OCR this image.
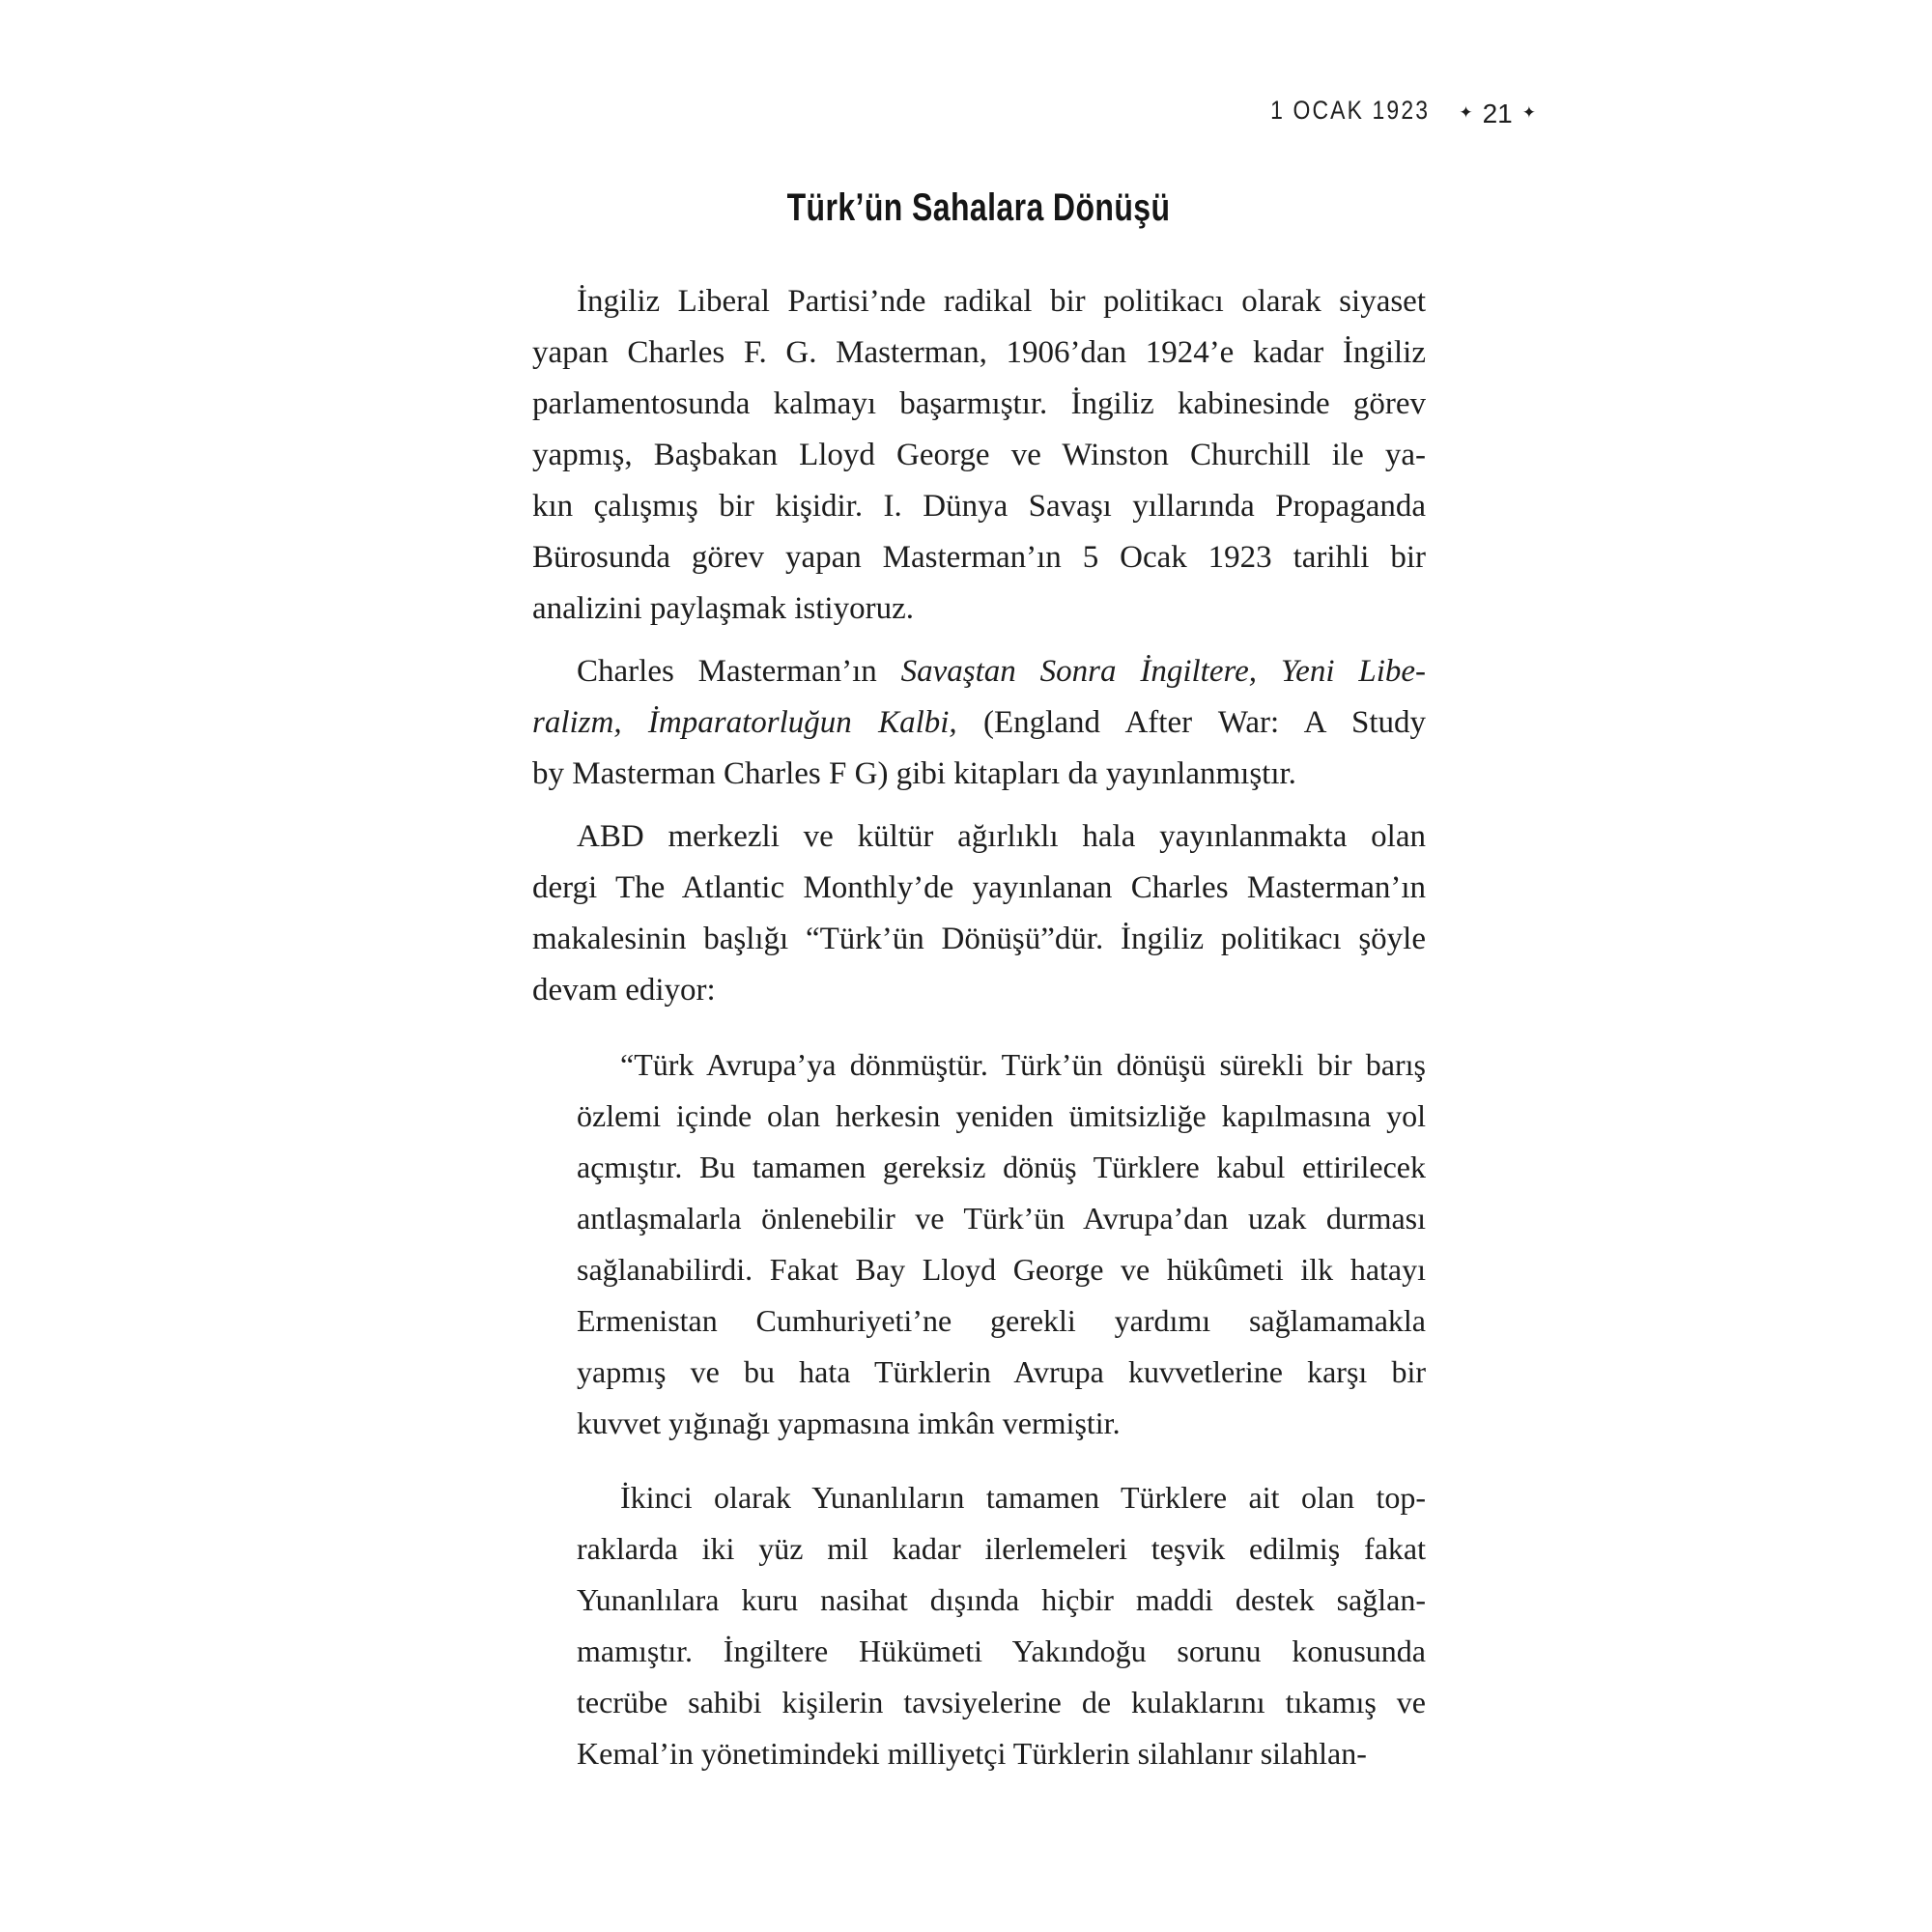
1 OCAK 1923 ✦ 21 ✦
Türk’ün Sahalara Dönüşü
İngiliz Liberal Partisi’nde radikal bir politikacı olarak siyaset
yapan Charles F. G. Masterman, 1906’dan 1924’e kadar İngiliz
parlamentosunda kalmayı başarmıştır. İngiliz kabinesinde görev
yapmış, Başbakan Lloyd George ve Winston Churchill ile ya-
kın çalışmış bir kişidir. I. Dünya Savaşı yıllarında Propaganda
Bürosunda görev yapan Masterman’ın 5 Ocak 1923 tarihli bir
analizini paylaşmak istiyoruz.
Charles Masterman’ın Savaştan Sonra İngiltere, Yeni Libe-
ralizm, İmparatorluğun Kalbi, (England After War: A Study
by Masterman Charles F G) gibi kitapları da yayınlanmıştır.
ABD merkezli ve kültür ağırlıklı hala yayınlanmakta olan
dergi The Atlantic Monthly’de yayınlanan Charles Masterman’ın
makalesinin başlığı “Türk’ün Dönüşü”dür. İngiliz politikacı şöyle
devam ediyor:
“Türk Avrupa’ya dönmüştür. Türk’ün dönüşü sürekli bir barış
özlemi içinde olan herkesin yeniden ümitsizliğe kapılmasına yol
açmıştır. Bu tamamen gereksiz dönüş Türklere kabul ettirilecek
antlaşmalarla önlenebilir ve Türk’ün Avrupa’dan uzak durması
sağlanabilirdi. Fakat Bay Lloyd George ve hükûmeti ilk hatayı
Ermenistan Cumhuriyeti’ne gerekli yardımı sağlamamakla
yapmış ve bu hata Türklerin Avrupa kuvvetlerine karşı bir
kuvvet yığınağı yapmasına imkân vermiştir.
İkinci olarak Yunanlıların tamamen Türklere ait olan top-
raklarda iki yüz mil kadar ilerlemeleri teşvik edilmiş fakat
Yunanlılara kuru nasihat dışında hiçbir maddi destek sağlan-
mamıştır. İngiltere Hükümeti Yakındoğu sorunu konusunda
tecrübe sahibi kişilerin tavsiyelerine de kulaklarını tıkamış ve
Kemal’in yönetimindeki milliyetçi Türklerin silahlanır silahlan-
